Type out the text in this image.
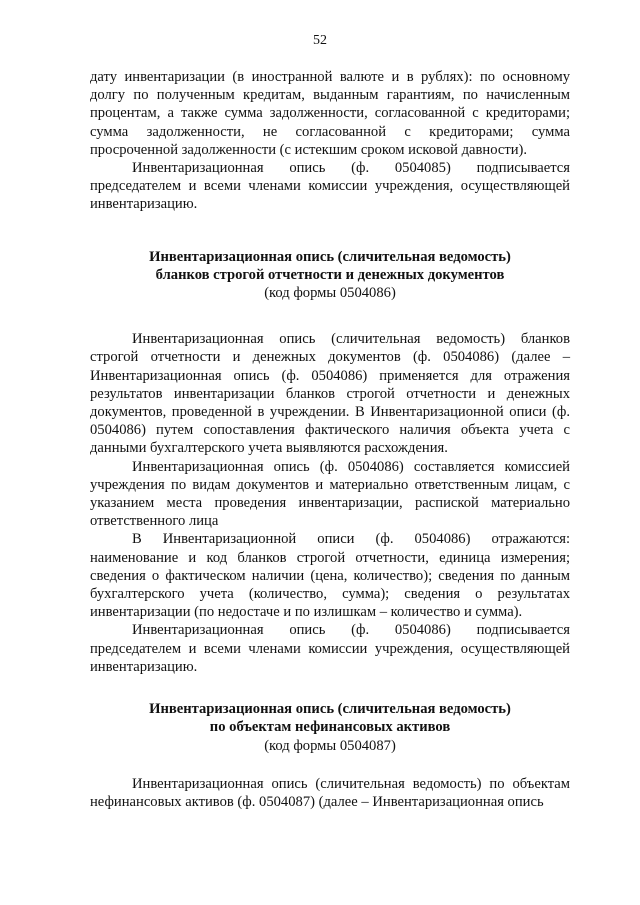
52

дату инвентаризации (в иностранной валюте и в рублях): по основному долгу по полученным кредитам, выданным гарантиям, по начисленным процентам, а также сумма задолженности, согласованной с кредиторами; сумма задолженности, не согласованной с кредиторами; сумма просроченной задолженности (с истекшим сроком исковой давности).

Инвентаризационная опись (ф. 0504085) подписывается председателем и всеми членами комиссии учреждения, осуществляющей инвентаризацию.

Инвентаризационная опись (сличительная ведомость)
бланков строгой отчетности и денежных документов
(код формы 0504086)

Инвентаризационная опись (сличительная ведомость) бланков строгой отчетности и денежных документов (ф. 0504086) (далее – Инвентаризационная опись (ф. 0504086) применяется для отражения результатов инвентаризации бланков строгой отчетности и денежных документов, проведенной в учреждении. В Инвентаризационной описи (ф. 0504086) путем сопоставления фактического наличия объекта учета с данными бухгалтерского учета выявляются расхождения.

Инвентаризационная опись (ф. 0504086) составляется комиссией учреждения по видам документов и материально ответственным лицам, с указанием места проведения инвентаризации, распиской материально ответственного лица

В Инвентаризационной описи (ф. 0504086) отражаются: наименование и код бланков строгой отчетности, единица измерения; сведения о фактическом наличии (цена, количество); сведения по данным бухгалтерского учета (количество, сумма); сведения о результатах инвентаризации (по недостаче и по излишкам – количество и сумма).

Инвентаризационная опись (ф. 0504086) подписывается председателем и всеми членами комиссии учреждения, осуществляющей инвентаризацию.

Инвентаризационная опись (сличительная ведомость)
по объектам нефинансовых активов
(код формы 0504087)

Инвентаризационная опись (сличительная ведомость) по объектам нефинансовых активов (ф. 0504087) (далее – Инвентаризационная опись
